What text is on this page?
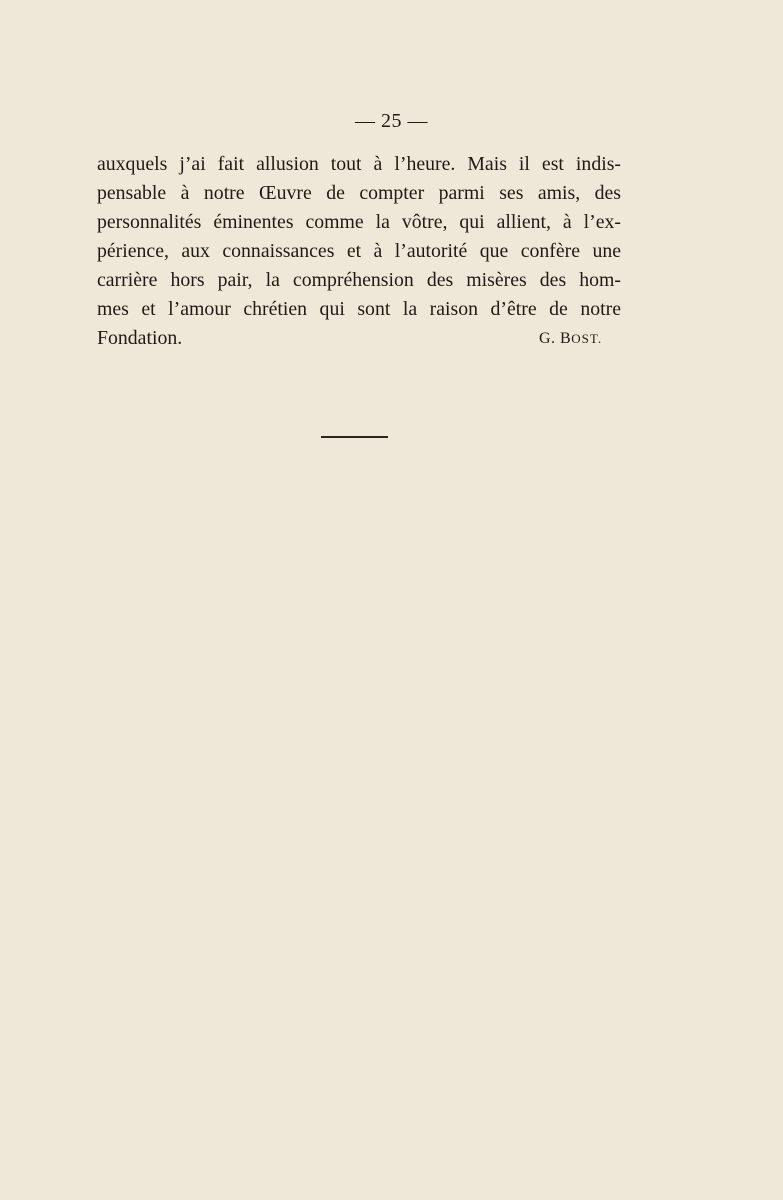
— 25 —

auxquels j’ai fait allusion tout à l’heure. Mais il est indis-
pensable à notre Œuvre de compter parmi ses amis, des
personnalités éminentes comme la vôtre, qui allient, à l’ex-
périence, aux connaissances et à l’autorité que confère une
carrière hors pair, la compréhension des misères des hom-
mes et l’amour chrétien qui sont la raison d’être de notre
Fondation.	G. BOST.
